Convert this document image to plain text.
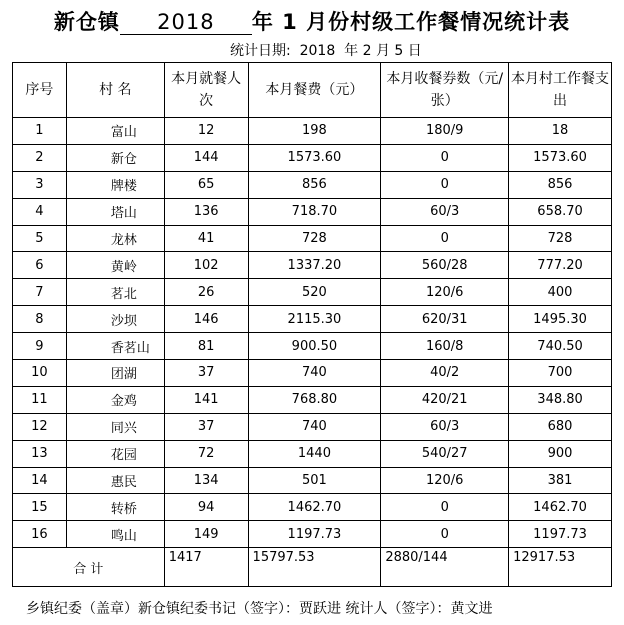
新仓镇 2018 年 1 月份村级工作餐情况统计表
统计日期:  2018  年 2 月 5 日
序号	村 名	本月就餐人 次	本月餐费（元）	本月收餐券数（元/张）	本月村工作餐支出
1	富山	12	198	180/9	18
2	新仓	144	1573.60	0	1573.60
3	牌楼	65	856	0	856
4	塔山	136	718.70	60/3	658.70
5	龙林	41	728	0	728
6	黄岭	102	1337.20	560/28	777.20
7	茗北	26	520	120/6	400
8	沙坝	146	2115.30	620/31	1495.30
9	香茗山	81	900.50	160/8	740.50
10	团湖	37	740	40/2	700
11	金鸡	141	768.80	420/21	348.80
12	同兴	37	740	60/3	680
13	花园	72	1440	540/27	900
14	惠民	134	501	120/6	381
15	转桥	94	1462.70	0	1462.70
16	鸣山	149	1197.73	0	1197.73
合 计		1417	15797.53	2880/144	12917.53
乡镇纪委（盖章）新仓镇纪委书记（签字）：贾跃进 统计人（签字）：黄文进
